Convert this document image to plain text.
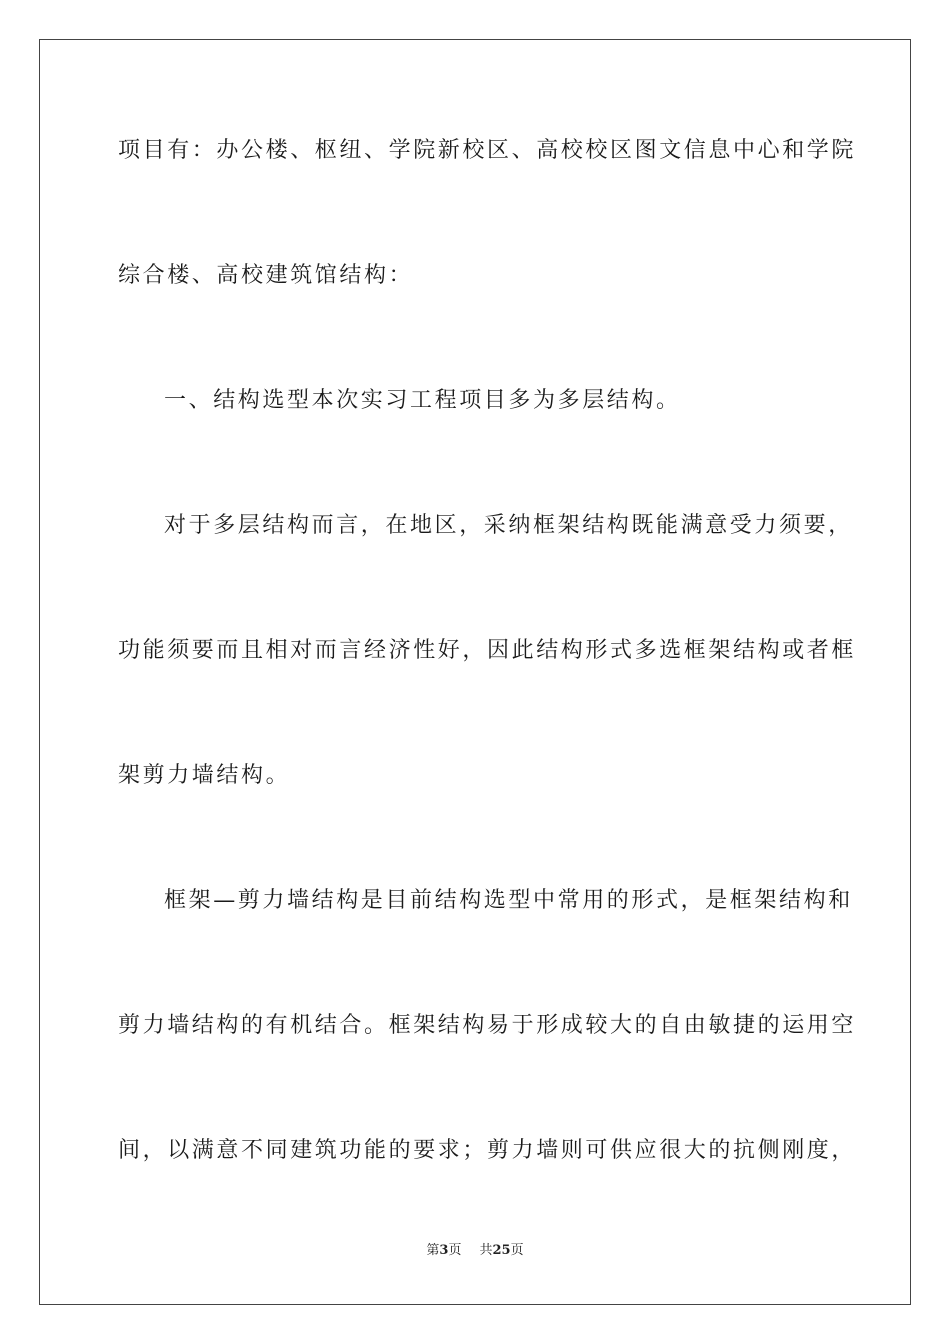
项目有：办公楼、枢纽、学院新校区、高校校区图文信息中心和学院
综合楼、高校建筑馆结构：
一、结构选型本次实习工程项目多为多层结构。
对于多层结构而言，在地区，采纳框架结构既能满意受力须要，
功能须要而且相对而言经济性好，因此结构形式多选框架结构或者框
架剪力墙结构。
框架—剪力墙结构是目前结构选型中常用的形式，是框架结构和
剪力墙结构的有机结合。框架结构易于形成较大的自由敏捷的运用空
间，以满意不同建筑功能的要求；剪力墙则可供应很大的抗侧刚度，
第3页 共25页
